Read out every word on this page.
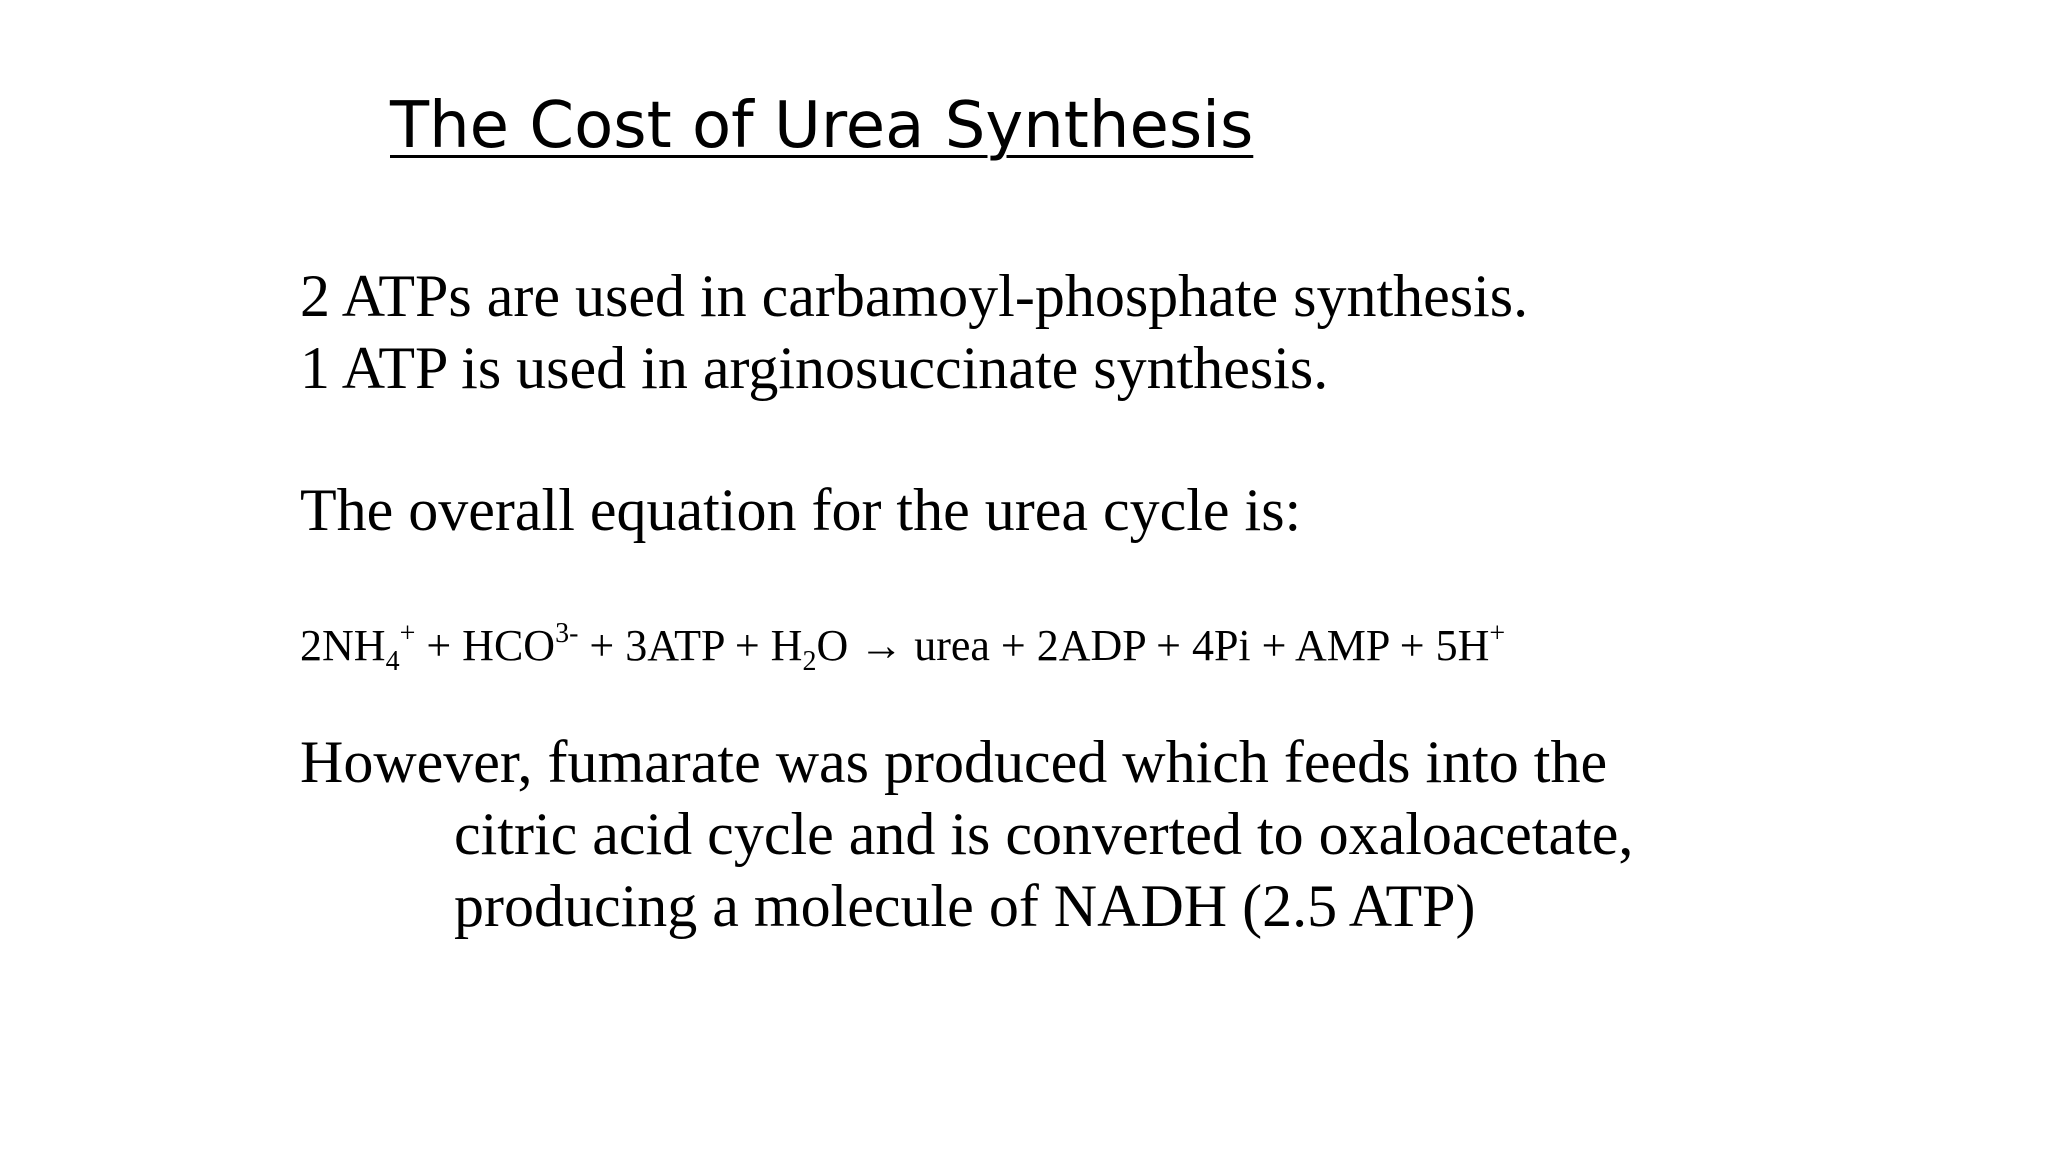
The Cost of Urea Synthesis

2 ATPs are used in carbamoyl-phosphate synthesis.
1 ATP is used in arginosuccinate synthesis.

The overall equation for the urea cycle is:

$2NH_4^+ + HCO^{3-} + 3ATP + H_2O$ → urea + 2ADP + 4Pi + AMP + 5H+

However, fumarate was produced which feeds into the
citric acid cycle and is converted to oxaloacetate,
producing a molecule of NADH (2.5 ATP)
